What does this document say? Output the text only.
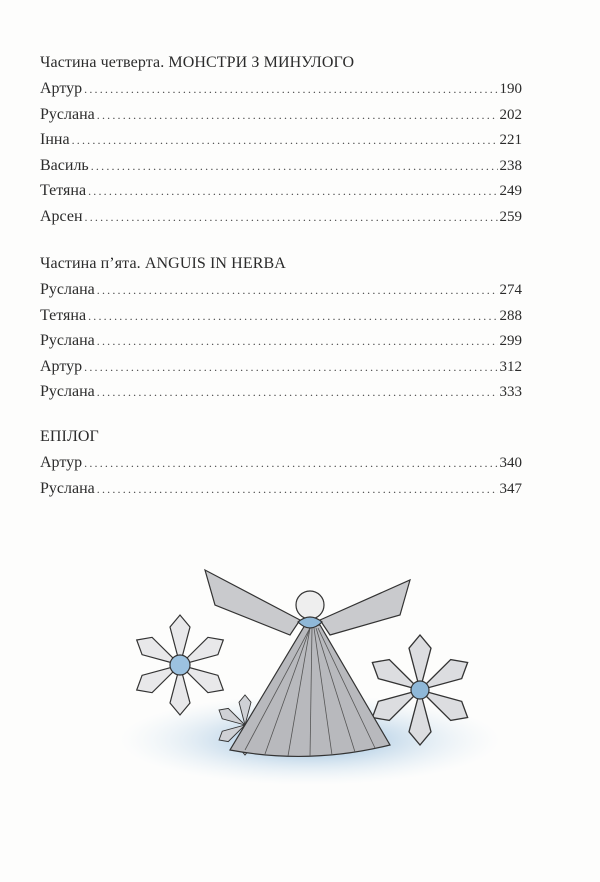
Частина четверта. МОНСТРИ З МИНУЛОГО
Артур .....	190
Руслана .....	202
Інна .....	221
Василь .....	238
Тетяна .....	249
Арсен .....	259
Частина п’ята. ANGUIS IN HERBA
Руслана .....	274
Тетяна .....	288
Руслана .....	299
Артур .....	312
Руслана .....	333
ЕПІЛОГ
Артур .....	340
Руслана .....	347
